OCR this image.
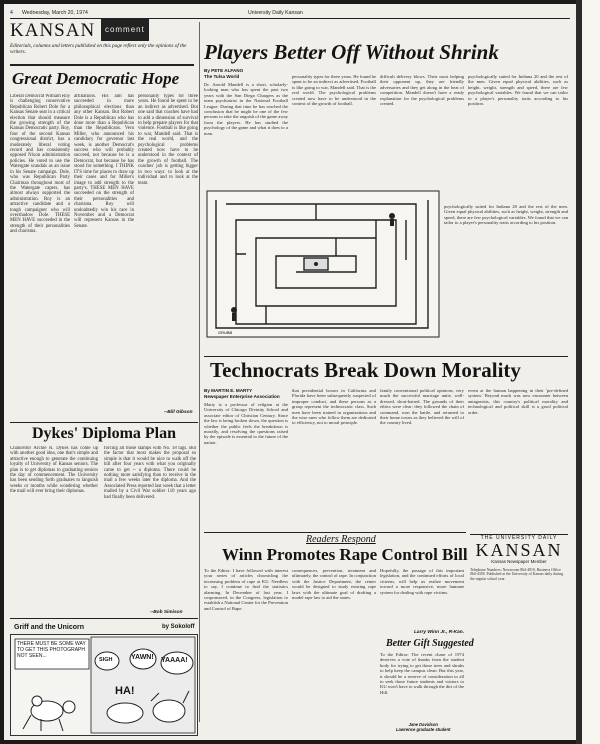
4 Wednesday, March 20, 1974	University Daily Kansan
KANSAN comment
Editorials, columns and letters published on this page reflect only the opinions of the writers.
Great Democratic Hope
Liberal Democrat William Roy is challenging conservative Republican Robert Dole for a Kansas Senate seat in a critical election that should measure the growing strength of the Kansas Democratic party. Roy, four of the second Kansas congressional district, has a moderately liberal voting record and has consistently opposed Nixon administration policies. He voted to use the Watergate scandals as an issue in his Senate campaign. Dole, who was Republican Party Chairman throughout most of the Watergate capers, has almost always supported the administration. Roy is an attractive candidate and a tough campaigner who will overshadow Dole. THESE MEN HAVE succeeded in the strength of their personalities and charisma.
affiliations. His aim has succeeded in more philosophical elections than any other Kansan. But Robert Dole is a Republican who has done more than a Republican than the Republicans. Vern Miller, who announced his candidacy for governor last week, is another Democrat's success who will probably succeed, not because he is a Democrat, but because he has stood for something. I THINK IT'S time for places to draw up their cases and for Miller's image to add strength to the party's. THESE MEN HAVE succeeded on the strength of their personalities and charisma. Roy will undoubtedly win his race in November and a Democrat will represent Kansas in the Senate.
personality types for three years. He found he spent to be an indirect as advertised. But one said that coaches have had to add a dimension of survival to help prepare players for that violence. Football is like going to war, Mandell said. That is the real world, and the psychological problems created now have to be understood in the context of the growth of football. The coaches' job is getting bigger in two ways: to look at the individual and to look at the team.
--Bill Gibson
Players Better Off Without Shrink
By PETE ALFANO
The Tulsa World
Dr. Arnold Mandell is a short, scholarly-looking man who has spent the past two years with the San Diego Chargers as the team psychiatrist in the National Football League. During that time he has reached the conclusion that he might be one of the few persons to take the anguish of the game away from the players. He has studied the psychology of the game and what it does to a man.
personality types for three years. He found he spent to be an indirect as advertised. Football is like going to war, Mandell said. That is the real world. The psychological problems created now have to be understood in the context of the growth of football.
difficult delivery blows. Their most helping their opponent up, they are friendly adversaries and they get along in the heat of competition. Mandell doesn't have a ready explanation for the psychological problems created.
psychologically suited for Indiana 20 and the rest of the men. Given equal physical abilities, such as height, weight, strength and speed, there are few psychological variables. We found that we can tailor to a player's personality traits according to his position.
GRUBB
psychologically suited for Indiana 20 and the rest of the men. Given equal physical abilities, such as height, weight, strength and speed, there are few psychological variables. We found that we can tailor to a player's personality traits according to his position.
Technocrats Break Down Morality
By MARTIN E. MARTY
Newspaper Enterprise Association
Marty is a professor of religion at the University of Chicago Divinity School and associate editor of Christian Century. Since the law is being broken down, the question is whether the public feels the breakdown is morally, and resolving the questions raised by the episode is essential to the future of the nation.
that presidential bosses in California and Florida have been subsequently suspected of improper conduct, and these persons as a group represent the technocratic class. Such men have been trained in organizations and the wise ones who follow them are dedicated to efficiency, not to moral principle.
family conventional political opinions, very much the successful marriage unite, well-dressed, short-haired. The grounds of their ethics were clear: they followed the chain of command, won the battle, and returned to their home towns as they believed the will of the country lived.
event at the human happening in their 'pre-defined system.' Beyond much was now encounter between antagonists, this country's political morality and technological and political skill is a good political order.
Dykes' Diploma Plan
Chancellor Archie R. Dykes has come up with another good idea, one that's simple and attractive enough to generate the continuing loyalty of University of Kansas seniors. The plan is to get diplomas to graduating seniors the day of commencement. The University has been sending forth graduates to languish weeks or months while wondering whether the mail will ever bring their diplomas.
forcing all those stamps with No. 18 tags. But the factor that most makes the proposal so simple is that it would be nice to walk off the hill after four years with what you originally came to get -- a diploma. There could be nothing more satisfying than to receive in the mail a few weeks later the diploma. And the Associated Press reported last week that a letter mailed by a Civil War soldier 110 years ago had finally been delivered.
--Bob Simison
Readers Respond
Winn Promotes Rape Control Bill
To the Editor: I have followed with interest your series of articles chronicling the increasing problem of rape at KU. Needless to say, I continue to find the statistics alarming. In December of last year, I cosponsored, in the Congress, legislation to establish a National Center for the Prevention and Control of Rape.
consequences, prevention, treatment and ultimately, the control of rape. In conjunction with the Justice Department, the center would be designed to study existing rape laws with the ultimate goal of drafting a model rape law to aid the states.
Hopefully, the passage of this important legislation, and the continued efforts of local citizens, will help us realize movement toward a more responsive, more humane system for dealing with rape victims.
Larry Winn Jr., R-Kan.
Better Gift Suggested
To the Editor: The recent chase of 1974 deserves a vote of thanks from the student body for trying to get those trees and shrubs to help keep the campus clean. But this year, it should be a reserve of consideration to all to seek those future students and visitors to KU won't have to walk through the dirt of the Hill.
Jane Davidson
Lawrence graduate student
THE UNIVERSITY DAILY
KANSAN
Kansas Newspaper Member
Telephone Numbers: Newsroom 864-4810, Business Office 864-4358. Published at the University of Kansas daily during the regular school year.
Griff and the Unicorn	by Sokoloff
THERE MUST BE SOME WAY TO GET THIS PHOTOGRAPH NOT SEEN...
SIGH	YAWN!
HA!
YAAAA!
